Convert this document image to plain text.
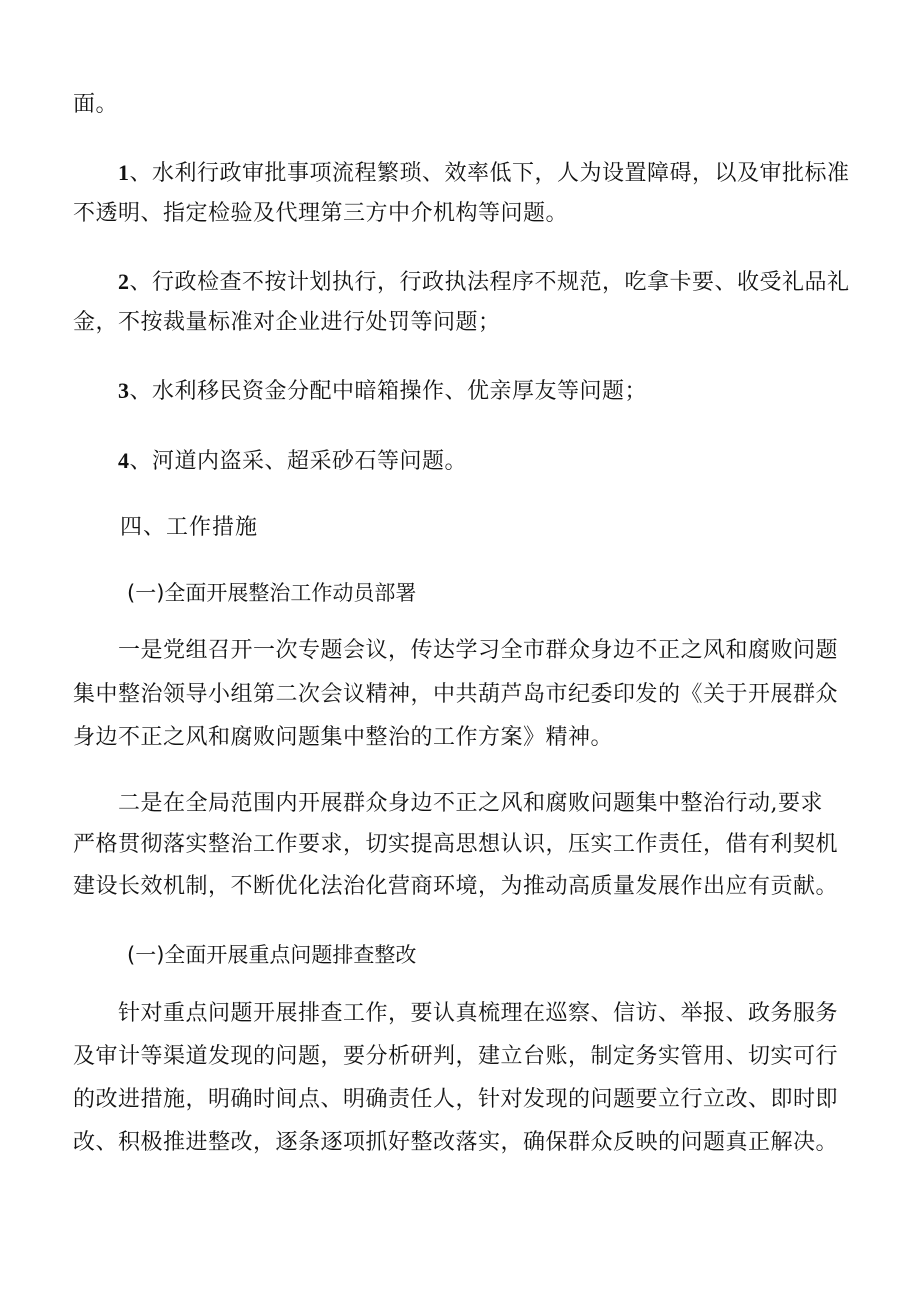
面。
1、水利行政审批事项流程繁琐、效率低下，人为设置障碍，以及审批标准
不透明、指定检验及代理第三方中介机构等问题。
2、行政检查不按计划执行，行政执法程序不规范，吃拿卡要、收受礼品礼
金，不按裁量标准对企业进行处罚等问题；
3、水利移民资金分配中暗箱操作、优亲厚友等问题；
4、河道内盗采、超采砂石等问题。
四、工作措施
(一)全面开展整治工作动员部署
一是党组召开一次专题会议，传达学习全市群众身边不正之风和腐败问题
集中整治领导小组第二次会议精神，中共葫芦岛市纪委印发的《关于开展群众
身边不正之风和腐败问题集中整治的工作方案》精神。
二是在全局范围内开展群众身边不正之风和腐败问题集中整治行动,要求
严格贯彻落实整治工作要求，切实提高思想认识，压实工作责任，借有利契机
建设长效机制，不断优化法治化营商环境，为推动高质量发展作出应有贡献。
(一)全面开展重点问题排查整改
针对重点问题开展排查工作，要认真梳理在巡察、信访、举报、政务服务
及审计等渠道发现的问题，要分析研判，建立台账，制定务实管用、切实可行
的改进措施，明确时间点、明确责任人，针对发现的问题要立行立改、即时即
改、积极推进整改，逐条逐项抓好整改落实，确保群众反映的问题真正解决。
